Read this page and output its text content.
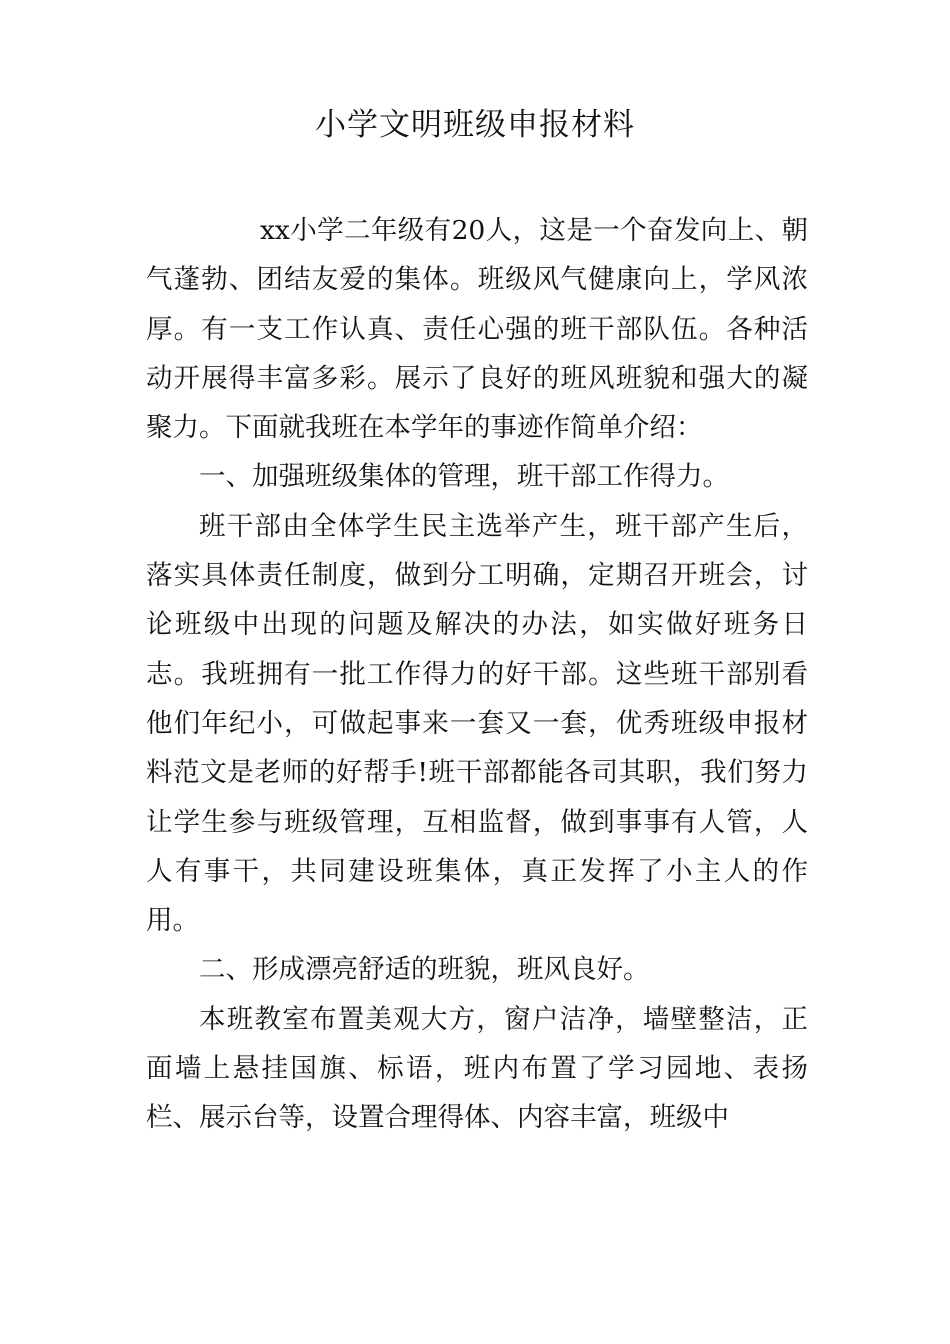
小学文明班级申报材料

xx小学二年级有20人，这是一个奋发向上、朝气蓬勃、团结友爱的集体。班级风气健康向上，学风浓厚。有一支工作认真、责任心强的班干部队伍。各种活动开展得丰富多彩。展示了良好的班风班貌和强大的凝聚力。下面就我班在本学年的事迹作简单介绍：

一、加强班级集体的管理，班干部工作得力。

班干部由全体学生民主选举产生，班干部产生后，落实具体责任制度，做到分工明确，定期召开班会，讨论班级中出现的问题及解决的办法，如实做好班务日志。我班拥有一批工作得力的好干部。这些班干部别看他们年纪小，可做起事来一套又一套，优秀班级申报材料范文是老师的好帮手!班干部都能各司其职，我们努力让学生参与班级管理，互相监督，做到事事有人管，人人有事干，共同建设班集体，真正发挥了小主人的作用。

二、形成漂亮舒适的班貌，班风良好。

本班教室布置美观大方，窗户洁净，墙壁整洁，正面墙上悬挂国旗、标语，班内布置了学习园地、表扬栏、展示台等，设置合理得体、内容丰富，班级中
